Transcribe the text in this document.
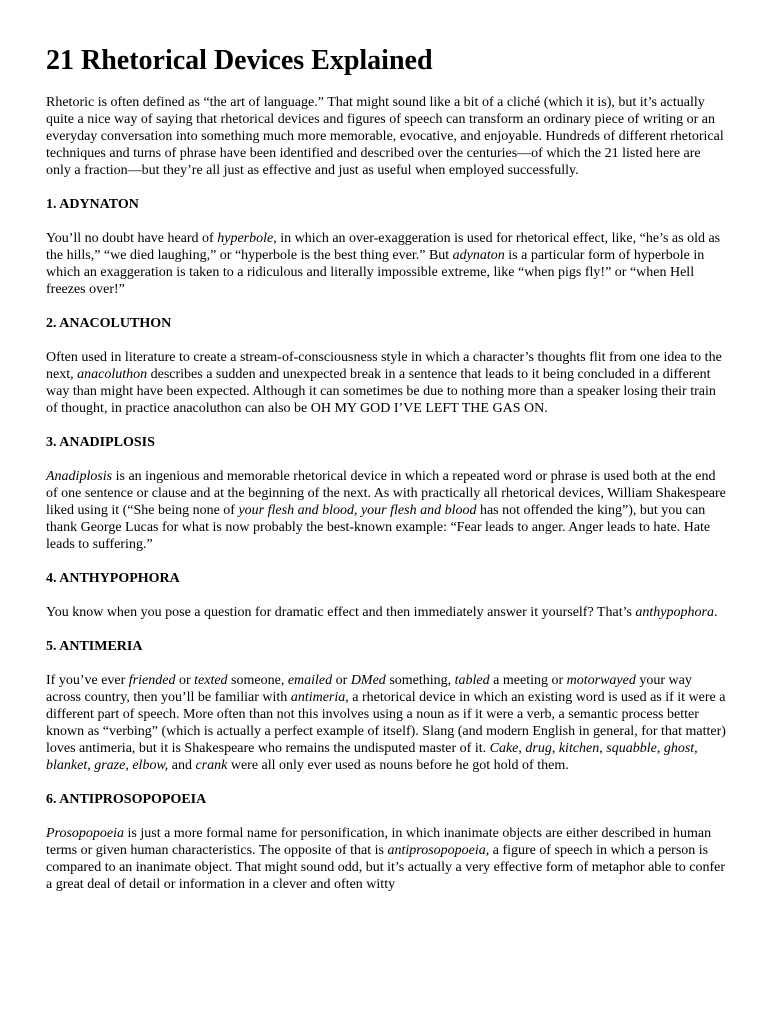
21 Rhetorical Devices Explained

Rhetoric is often defined as “the art of language.” That might sound like a bit of a cliché (which it is), but it’s actually quite a nice way of saying that rhetorical devices and figures of speech can transform an ordinary piece of writing or an everyday conversation into something much more memorable, evocative, and enjoyable. Hundreds of different rhetorical techniques and turns of phrase have been identified and described over the centuries—of which the 21 listed here are only a fraction—but they’re all just as effective and just as useful when employed successfully.

1. ADYNATON

You’ll no doubt have heard of hyperbole, in which an over-exaggeration is used for rhetorical effect, like, “he’s as old as the hills,” “we died laughing,” or “hyperbole is the best thing ever.” But adynaton is a particular form of hyperbole in which an exaggeration is taken to a ridiculous and literally impossible extreme, like “when pigs fly!” or “when Hell freezes over!”

2. ANACOLUTHON

Often used in literature to create a stream-of-consciousness style in which a character’s thoughts flit from one idea to the next, anacoluthon describes a sudden and unexpected break in a sentence that leads to it being concluded in a different way than might have been expected. Although it can sometimes be due to nothing more than a speaker losing their train of thought, in practice anacoluthon can also be OH MY GOD I’VE LEFT THE GAS ON.

3. ANADIPLOSIS

Anadiplosis is an ingenious and memorable rhetorical device in which a repeated word or phrase is used both at the end of one sentence or clause and at the beginning of the next. As with practically all rhetorical devices, William Shakespeare liked using it (“She being none of your flesh and blood, your flesh and blood has not offended the king”), but you can thank George Lucas for what is now probably the best-known example: “Fear leads to anger. Anger leads to hate. Hate leads to suffering.”

4. ANTHYPOPHORA

You know when you pose a question for dramatic effect and then immediately answer it yourself? That’s anthypophora.

5. ANTIMERIA

If you’ve ever friended or texted someone, emailed or DMed something, tabled a meeting or motorwayed your way across country, then you’ll be familiar with antimeria, a rhetorical device in which an existing word is used as if it were a different part of speech. More often than not this involves using a noun as if it were a verb, a semantic process better known as “verbing” (which is actually a perfect example of itself). Slang (and modern English in general, for that matter) loves antimeria, but it is Shakespeare who remains the undisputed master of it. Cake, drug, kitchen, squabble, ghost, blanket, graze, elbow, and crank were all only ever used as nouns before he got hold of them.

6. ANTIPROSOPOPOEIA

Prosopopoeia is just a more formal name for personification, in which inanimate objects are either described in human terms or given human characteristics. The opposite of that is antiprosopopoeia, a figure of speech in which a person is compared to an inanimate object. That might sound odd, but it’s actually a very effective form of metaphor able to confer a great deal of detail or information in a clever and often witty
